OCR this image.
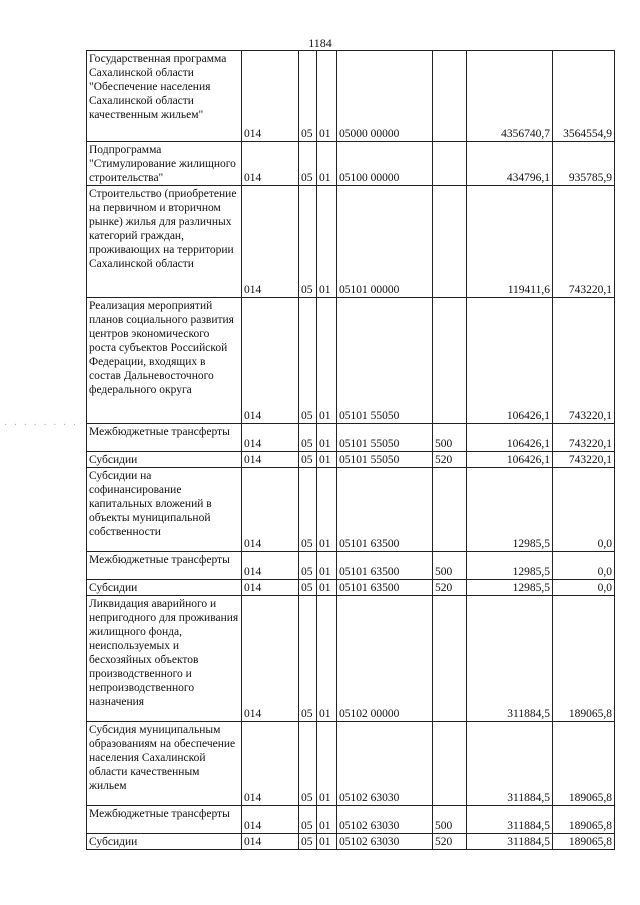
1184
· · · · · · · ·
Государственная программа Сахалинской области "Обеспечение населения Сахалинской области качественным жильем"	014	05	01	05000 00000		4356740,7	3564554,9
Подпрограмма "Стимулирование жилищного строительства"	014	05	01	05100 00000		434796,1	935785,9
Строительство (приобретение на первичном и вторичном рынке) жилья для различных категорий граждан, проживающих на территории Сахалинской области	014	05	01	05101 00000		119411,6	743220,1
Реализация мероприятий планов социального развития центров экономического роста субъектов Российской Федерации, входящих в состав Дальневосточного федерального округа	014	05	01	05101 55050		106426,1	743220,1
Межбюджетные трансферты	014	05	01	05101 55050	500	106426,1	743220,1
Субсидии	014	05	01	05101 55050	520	106426,1	743220,1
Субсидии на софинансирование капитальных вложений в объекты муниципальной собственности	014	05	01	05101 63500		12985,5	0,0
Межбюджетные трансферты	014	05	01	05101 63500	500	12985,5	0,0
Субсидии	014	05	01	05101 63500	520	12985,5	0,0
Ликвидация аварийного и непригодного для проживания жилищного фонда, неиспользуемых и бесхозяйных объектов производственного и непроизводственного назначения	014	05	01	05102 00000		311884,5	189065,8
Субсидия муниципальным образованиям на обеспечение населения Сахалинской области качественным жильем	014	05	01	05102 63030		311884,5	189065,8
Межбюджетные трансферты	014	05	01	05102 63030	500	311884,5	189065,8
Субсидии	014	05	01	05102 63030	520	311884,5	189065,8
